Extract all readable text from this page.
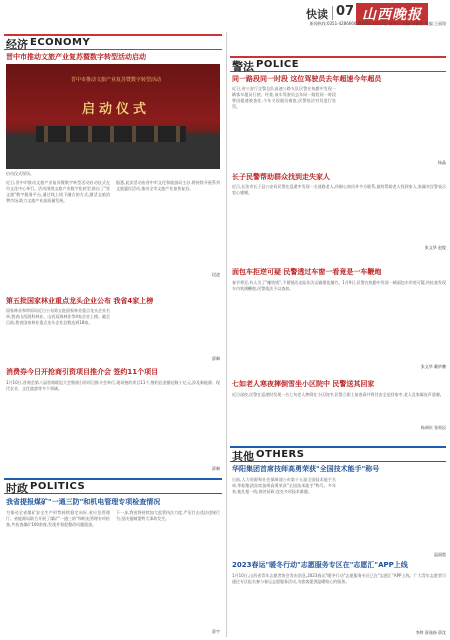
快读 07 山西晚报
新闻热线:0351-4286666 2023年1月11日 星期三 责编:冯雅丽 美编:王丽翔
经济 ECONOMY
晋中市推动文旅产业复苏暨数字转型活动启动
晋中市推动文旅产业复苏暨数字转型活动
启动仪式
启动仪式现场。
近日,晋中市推动文旅产业复苏暨数字转型活动启动仪式在市文化中心举行。活动围绕文旅产业数字化转型,推出了"晋文旅"数字服务平台,通过线上线下融合的方式,激活文旅消费市场,助力文旅产业高质量发展。
据悉,此次活动由晋中市文化和旅游局主办,将持续开展系列文旅惠民活动,推动全市文旅产业加快复苏。
段凌
第五批国家林业重点龙头企业公布 我省4家上榜
国家林业和草原局近日公布第五批国家林业重点龙头企业名单,我省山西润科林业、山西双海林业等4家企业上榜。截至目前,我省国家林业重点龙头企业总数达到18家。
薛琳
消费券今日开抢商引资项目推介会 签约11个项目
1月10日,晋商会第八届晋商联谊大会暨商引资项目推介会举行,现场签约项目11个,签约总金额达数十亿元,涉及新能源、现代农业、文化旅游等多个领域。
薛琳
时政 POLITICS
我省提报煤矿"一通三防"和机电管理专项检查情况
为推动全省煤矿安全生产形势持续稳定向好,省应急管理厅、省能源局联合开展了煤矿"一通三防"和机电管理专项检查,共检查煤矿100余座,发现并督促整改问题隐患。
下一步,我省将持续加大监管执法力度,严厉打击违法违规行为,坚决遏制重特大事故发生。
薛宇
警法 POLICE
同一路段同一时段 这位驾驶员去年超速今年超员
近日,省公安厅交警总队高速公路支队民警在执勤中发现一辆客车超员行驶。经查,该车驾驶员去年同一路段同一时段曾因超速被查处,今年又因超员被查,民警依法对其进行处罚。
杨晶
长子民警帮助群众找到走失家人
近日,长治市长子县公安局民警在巡逻中发现一名迷路老人,经耐心询问并多方联系,最终帮助老人找到家人,家属对民警表示衷心感谢。
张文华 赵俊
面包车拒逆可疑 民警透过车窗一看竟是一车鞭炮
春节将至,有人为了"赚快钱",不惜铤而走险非法运输烟花爆竹。1月9日,民警在执勤中发现一辆面包车形迹可疑,经检查发现车内装满鞭炮,民警依法予以查扣。
张文华 戴妙鹏
七如老人寒夜摔倒雪坐小区院中 民警送其回家
近日深夜,民警在巡逻时发现一名七旬老人摔倒在小区院中,民警立即上前查看并将其安全送回家中,老人及家属连声道谢。
杨洲庆 张致辰
其他 OTHERS
华阳集团首席技师高勇荣获"全国技术能手"称号
日前,人力资源和社会保障部公布第十五届全国技术能手名单,华阳集团首席技师高勇荣获"全国技术能手"称号。多年来,他扎根一线,刻苦钻研,攻克多项技术难题。
温丽霞
2023春运"暖冬行动"志愿服务专区在"志愿汇"APP上线
1月10日,山西省青年志愿者协会发布消息,2023春运"暖冬行动"志愿服务专区已在"志愿汇"APP上线。广大青年志愿者可通过专区报名参与春运志愿服务活动,为旅客提供温暖贴心的服务。
李婷 薛逸扬 薛沈
